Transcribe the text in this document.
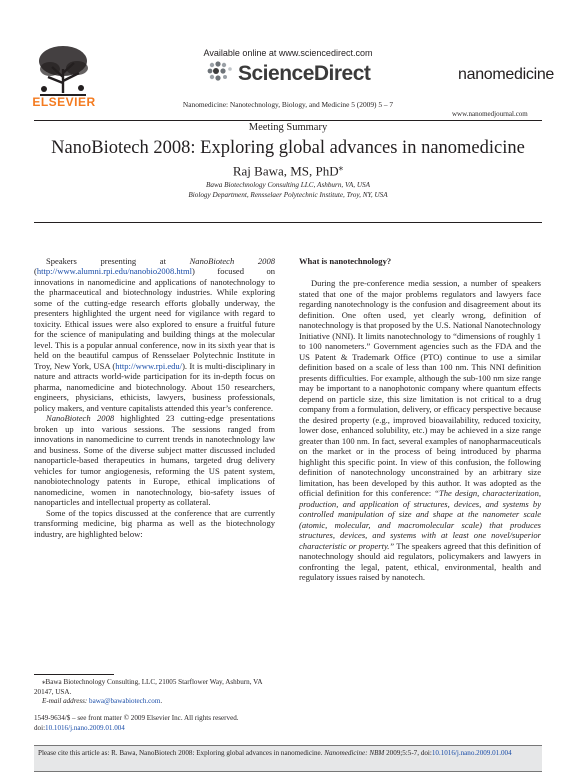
ELSEVIER
Available online at www.sciencedirect.com
ScienceDirect
Nanomedicine: Nanotechnology, Biology, and Medicine 5 (2009) 5 – 7
nanomedicine
www.nanomedjournal.com
Meeting Summary
NanoBiotech 2008: Exploring global advances in nanomedicine
Raj Bawa, MS, PhD⁎
Bawa Biotechnology Consulting LLC, Ashburn, VA, USA
Biology Department, Rensselaer Polytechnic Institute, Troy, NY, USA

Speakers presenting at NanoBiotech 2008 (http://www.alumni.rpi.edu/nanobio2008.html) focused on innovations in nanomedicine and applications of nanotechnology to the pharmaceutical and biotechnology industries. While exploring some of the cutting-edge research efforts globally underway, the presenters highlighted the urgent need for vigilance with regard to toxicity. Ethical issues were also explored to ensure a fruitful future for the science of manipulating and building things at the molecular level. This is a popular annual conference, now in its sixth year that is held on the beautiful campus of Rensselaer Polytechnic Institute in Troy, New York, USA (http://www.rpi.edu/). It is multi-disciplinary in nature and attracts world-wide participation for its in-depth focus on pharma, nanomedicine and biotechnology. About 150 researchers, engineers, physicians, ethicists, lawyers, business professionals, policy makers, and venture capitalists attended this year’s conference.

NanoBiotech 2008 highlighted 23 cutting-edge presentations broken up into various sessions. The sessions ranged from innovations in nanomedicine to current trends in nanotechnology law and business. Some of the diverse subject matter discussed included nanoparticle-based therapeutics in humans, targeted drug delivery vehicles for tumor angiogenesis, reforming the US patent system, nanobiotechnology patents in Europe, ethical implications of nanomedicine, women in nanotechnology, bio-safety issues of nanoparticles and intellectual property as collateral.

Some of the topics discussed at the conference that are currently transforming medicine, big pharma as well as the biotechnology industry, are highlighted below:

What is nanotechnology?

During the pre-conference media session, a number of speakers stated that one of the major problems regulators and lawyers face regarding nanotechnology is the confusion and disagreement about its definition. One often used, yet clearly wrong, definition of nanotechnology is that proposed by the U.S. National Nanotechnology Initiative (NNI). It limits nanotechnology to “dimensions of roughly 1 to 100 nanometers.” Government agencies such as the FDA and the US Patent & Trademark Office (PTO) continue to use a similar definition based on a scale of less than 100 nm. This NNI definition presents difficulties. For example, although the sub-100 nm size range may be important to a nanophotonic company where quantum effects depend on particle size, this size limitation is not critical to a drug company from a formulation, delivery, or efficacy perspective because the desired property (e.g., improved bioavailability, reduced toxicity, lower dose, enhanced solubility, etc.) may be achieved in a size range greater than 100 nm. In fact, several examples of nanopharmaceuticals on the market or in the process of being introduced by pharma highlight this specific point. In view of this confusion, the following definition of nanotechnology unconstrained by an arbitrary size limitation, has been developed by this author. It was adopted as the official definition for this conference: “The design, characterization, production, and application of structures, devices, and systems by controlled manipulation of size and shape at the nanometer scale (atomic, molecular, and macromolecular scale) that produces structures, devices, and systems with at least one novel/superior characteristic or property.” The speakers agreed that this definition of nanotechnology should aid regulators, policymakers and lawyers in confronting the legal, patent, ethical, environmental, health and regulatory issues raised by nanotech.

⁎Bawa Biotechnology Consulting, LLC, 21005 Starflower Way, Ashburn, VA 20147, USA.

E-mail address: bawa@bawabiotech.com.

1549-9634/$ – see front matter © 2009 Elsevier Inc. All rights reserved.
doi:10.1016/j.nano.2009.01.004
Please cite this article as: R. Bawa, NanoBiotech 2008: Exploring global advances in nanomedicine. Nanomedicine: NBM 2009;5:5-7, doi:10.1016/j.nano.2009.01.004
